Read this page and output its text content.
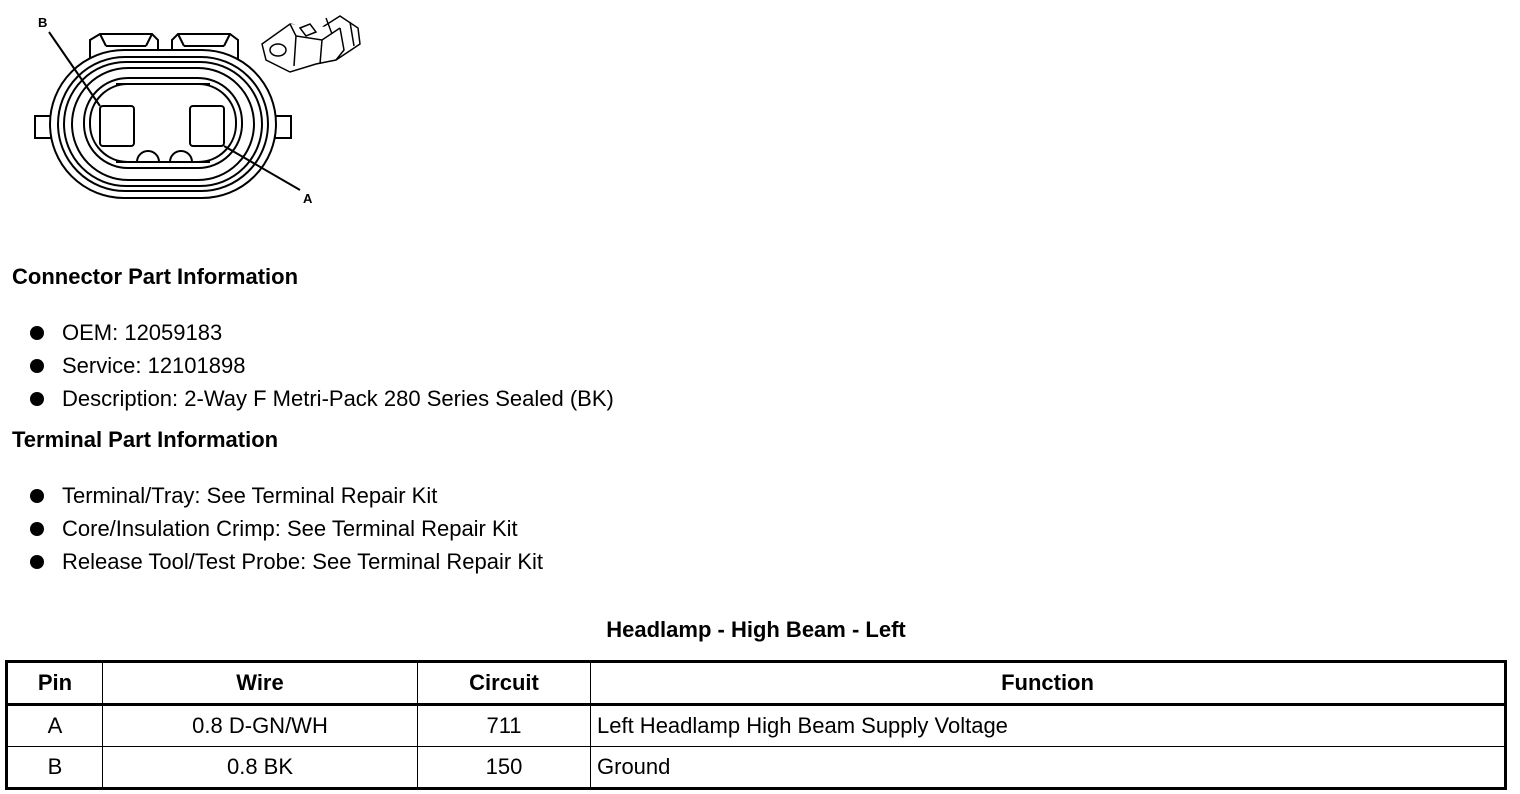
B
A
Connector Part Information
OEM: 12059183
Service: 12101898
Description: 2-Way F Metri-Pack 280 Series Sealed (BK)
Terminal Part Information
Terminal/Tray: See Terminal Repair Kit
Core/Insulation Crimp: See Terminal Repair Kit
Release Tool/Test Probe: See Terminal Repair Kit
Headlamp - High Beam - Left
Pin	Wire	Circuit	Function
A	0.8 D-GN/WH	711	Left Headlamp High Beam Supply Voltage
B	0.8 BK	150	Ground
